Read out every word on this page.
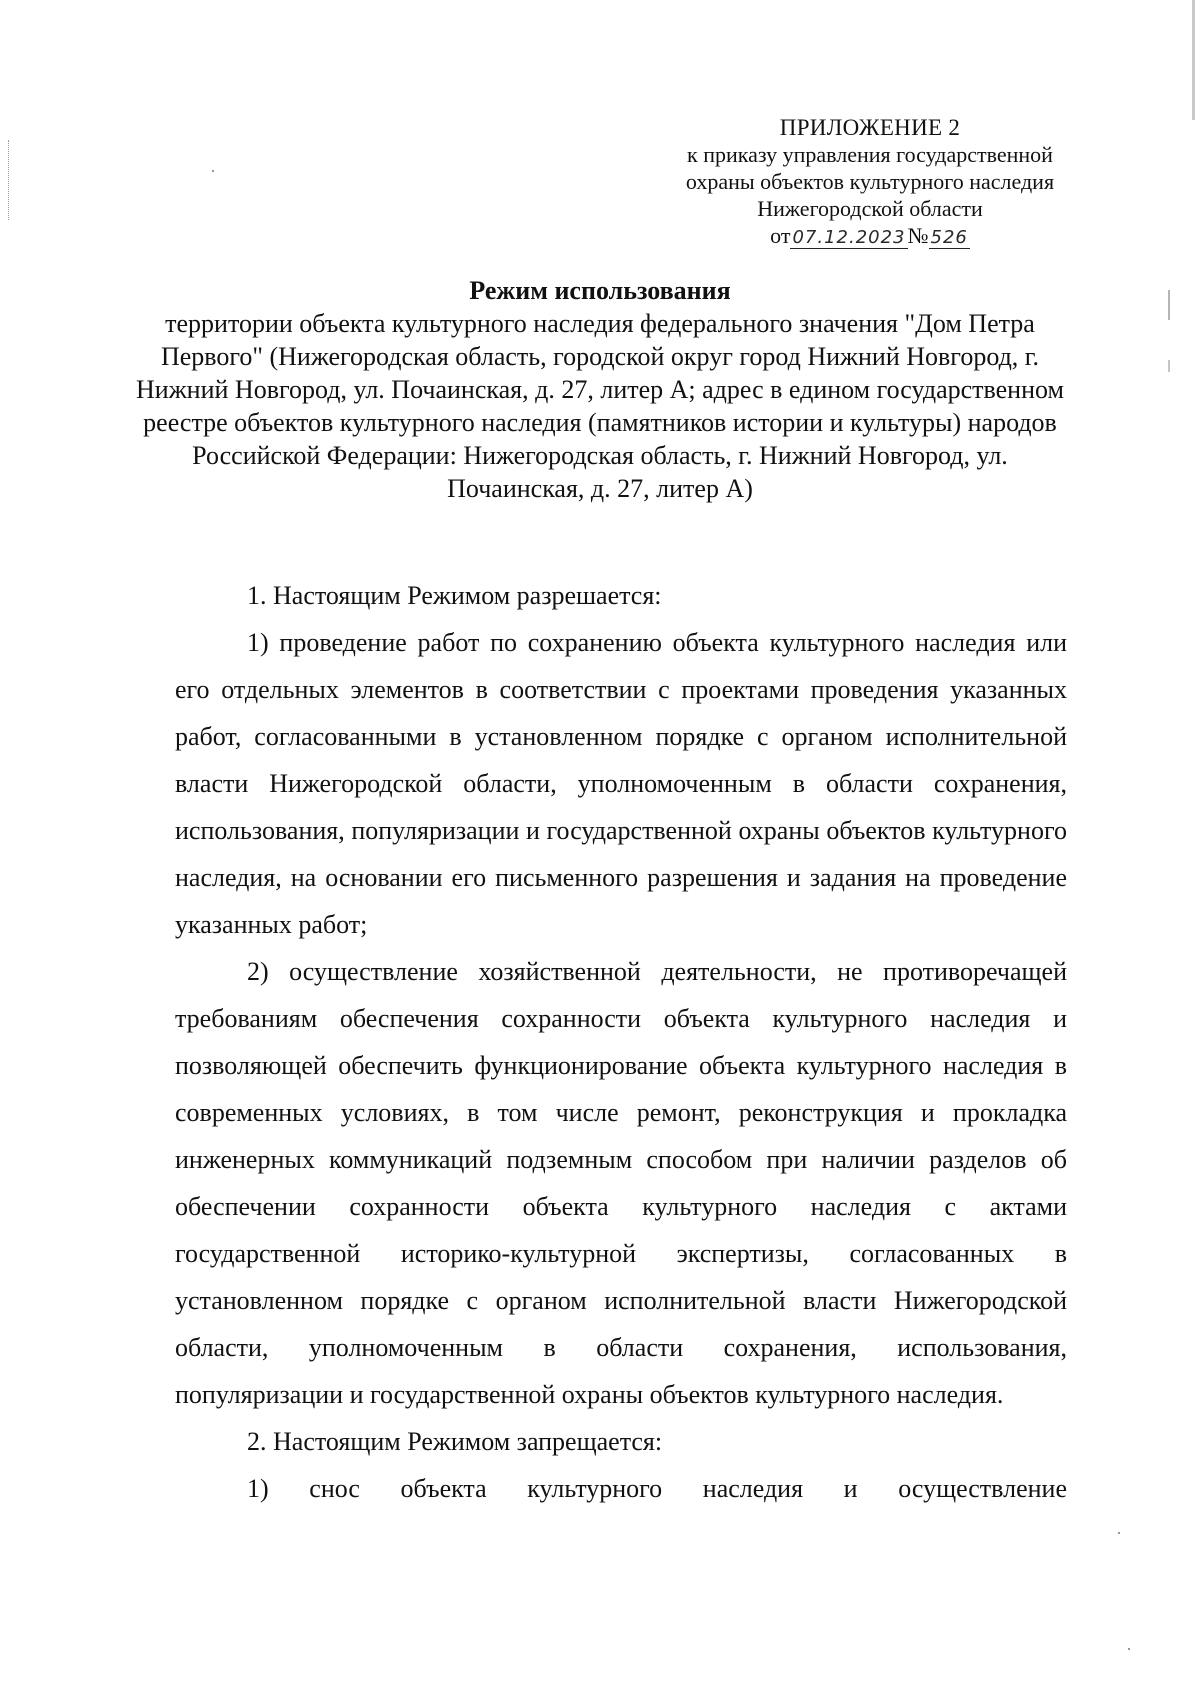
ПРИЛОЖЕНИЕ 2
к приказу управления государственной
охраны объектов культурного наследия
Нижегородской области
от 07.12.2023№ 526
Режим использования
территории объекта культурного наследия федерального значения "Дом Петра Первого" (Нижегородская область, городской округ город Нижний Новгород, г. Нижний Новгород, ул. Почаинская, д. 27, литер А; адрес в едином государственном реестре объектов культурного наследия (памятников истории и культуры) народов Российской Федерации: Нижегородская область, г. Нижний Новгород, ул. Почаинская, д. 27, литер А)

1. Настоящим Режимом разрешается:

1) проведение работ по сохранению объекта культурного наследия или его отдельных элементов в соответствии с проектами проведения указанных работ, согласованными в установленном порядке с органом исполнительной власти Нижегородской области, уполномоченным в области сохранения, использования, популяризации и государственной охраны объектов культурного наследия, на основании его письменного разрешения и задания на проведение указанных работ;

2) осуществление хозяйственной деятельности, не противоречащей требованиям обеспечения сохранности объекта культурного наследия и позволяющей обеспечить функционирование объекта культурного наследия в современных условиях, в том числе ремонт, реконструкция и прокладка инженерных коммуникаций подземным способом при наличии разделов об обеспечении сохранности объекта культурного наследия с актами государственной историко-культурной экспертизы, согласованных в установленном порядке с органом исполнительной власти Нижегородской области, уполномоченным в области сохранения, использования, популяризации и государственной охраны объектов культурного наследия.

2. Настоящим Режимом запрещается:

1) снос объекта культурного наследия и осуществление
